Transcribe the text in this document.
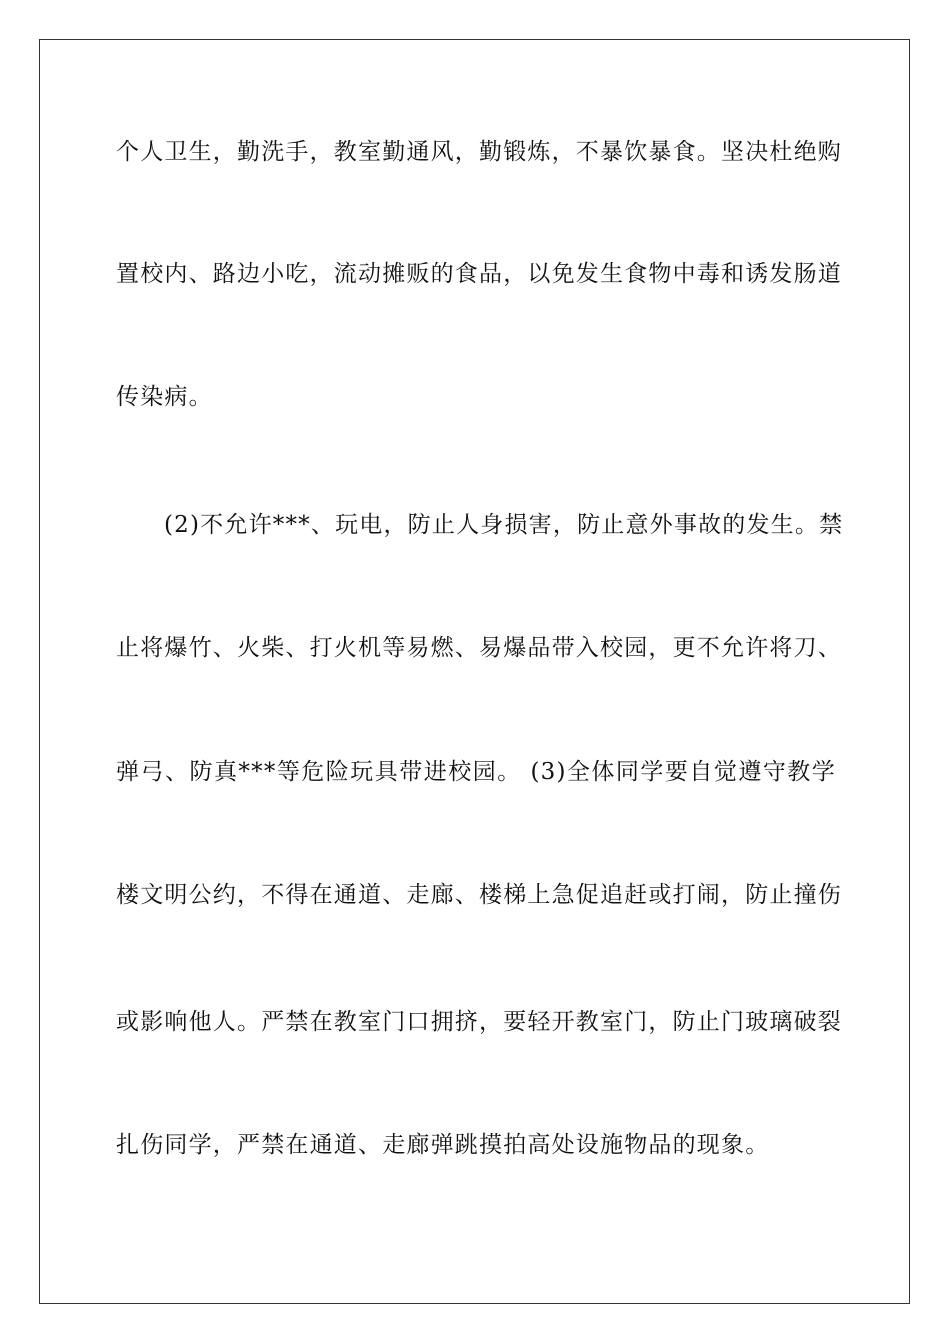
个人卫生，勤洗手，教室勤通风，勤锻炼，不暴饮暴食。坚决杜绝购
置校内、路边小吃，流动摊贩的食品，以免发生食物中毒和诱发肠道
传染病。
(2)不允许***、玩电，防止人身损害，防止意外事故的发生。禁
止将爆竹、火柴、打火机等易燃、易爆品带入校园，更不允许将刀、
弹弓、防真***等危险玩具带进校园。 (3)全体同学要自觉遵守教学
楼文明公约，不得在通道、走廊、楼梯上急促追赶或打闹，防止撞伤
或影响他人。严禁在教室门口拥挤，要轻开教室门，防止门玻璃破裂
扎伤同学，严禁在通道、走廊弹跳摸拍高处设施物品的现象。
